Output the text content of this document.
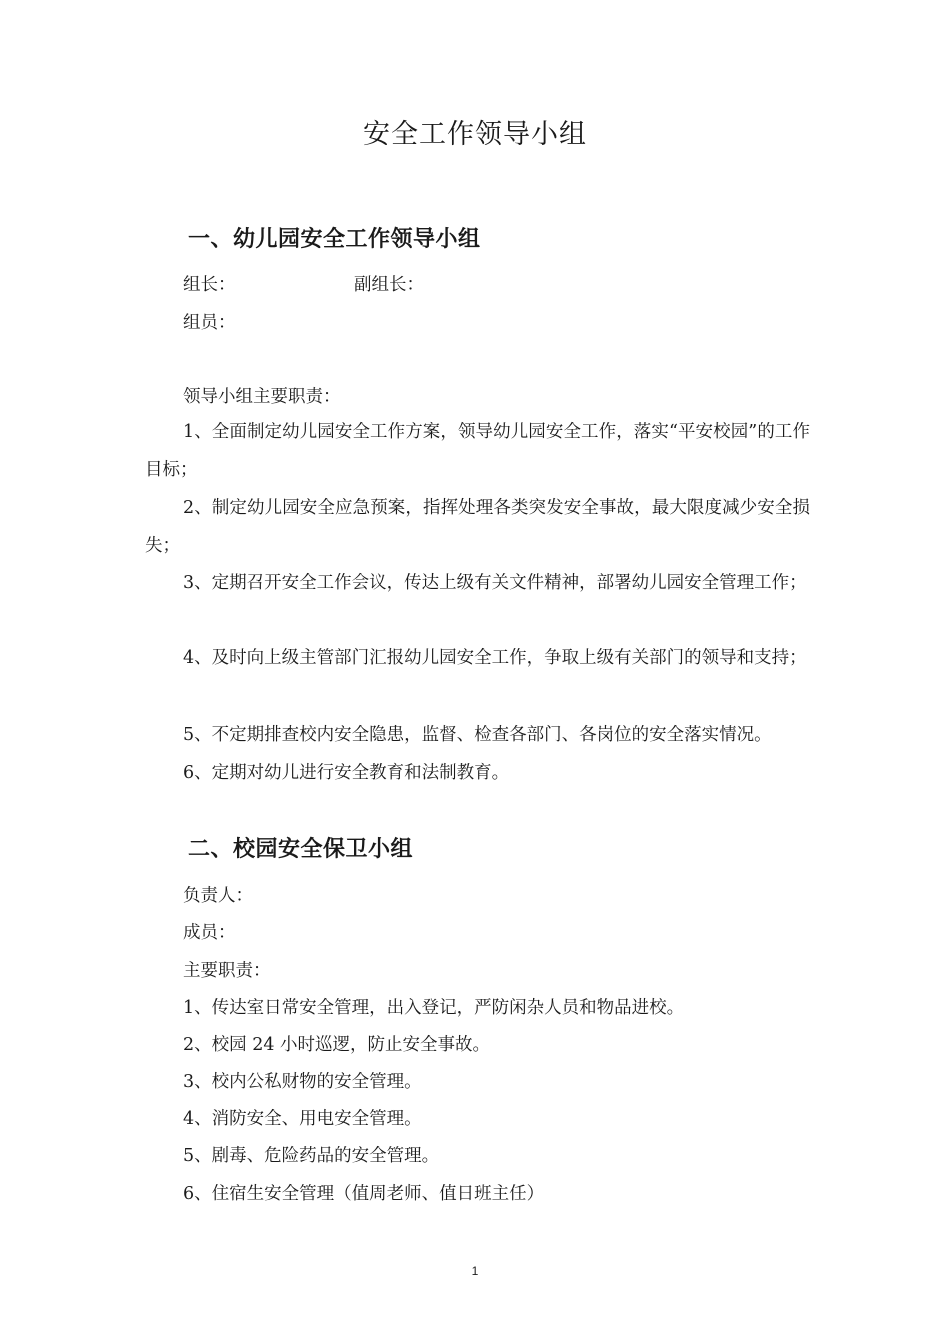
安全工作领导小组
一、幼儿园安全工作领导小组
组长：	副组长：
组员：
领导小组主要职责：
1、全面制定幼儿园安全工作方案，领导幼儿园安全工作，落实“平安校园”的工作目标；
2、制定幼儿园安全应急预案，指挥处理各类突发安全事故，最大限度减少安全损失；
3、定期召开安全工作会议，传达上级有关文件精神，部署幼儿园安全管理工作；
4、及时向上级主管部门汇报幼儿园安全工作，争取上级有关部门的领导和支持；
5、不定期排查校内安全隐患，监督、检查各部门、各岗位的安全落实情况。
6、定期对幼儿进行安全教育和法制教育。
二、校园安全保卫小组
负责人：
成员：
主要职责：
1、传达室日常安全管理，出入登记，严防闲杂人员和物品进校。
2、校园 24 小时巡逻，防止安全事故。
3、校内公私财物的安全管理。
4、消防安全、用电安全管理。
5、剧毒、危险药品的安全管理。
6、住宿生安全管理（值周老师、值日班主任）
1
